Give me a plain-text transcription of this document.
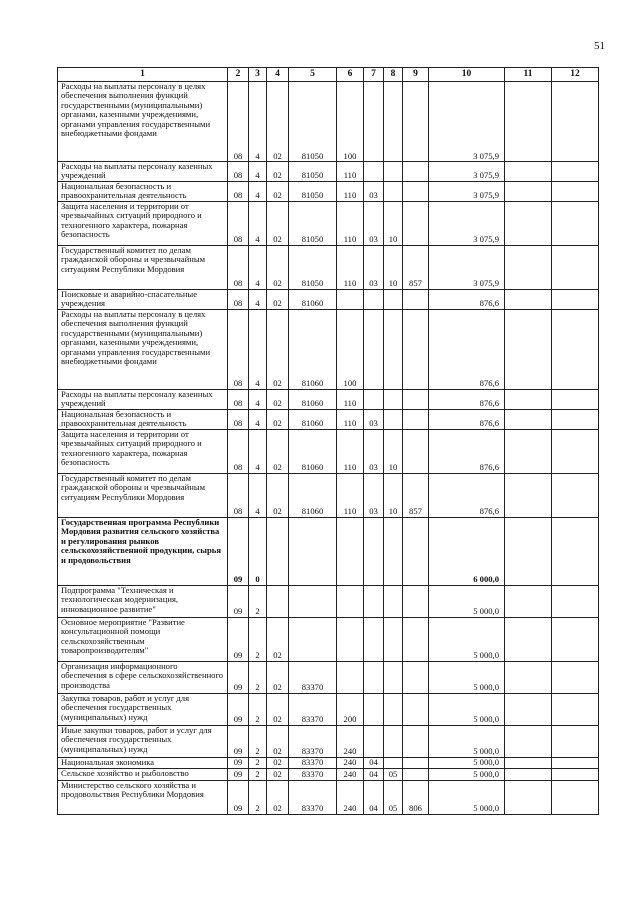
51
1	2	3	4	5	6	7	8	9	10	11	12
Расходы на выплаты персоналу в целях обеспечения выполнения функций государственными (муниципальными) органами, казенными учреждениями, органами управления государственными внебюджетными фондами	08	4	02	81050	100				3 075,9		
Расходы на выплаты персоналу казенных учреждений	08	4	02	81050	110				3 075,9		
Национальная безопасность и правоохранительная деятельность	08	4	02	81050	110	03			3 075,9		
Защита населения и территории от чрезвычайных ситуаций природного и техногенного характера, пожарная безопасность	08	4	02	81050	110	03	10		3 075,9		
Государственный комитет по делам гражданской обороны и чрезвычайным ситуациям Республики Мордовия	08	4	02	81050	110	03	10	857	3 075,9		
Поисковые и аварийно-спасательные учреждения	08	4	02	81060					876,6		
Расходы на выплаты персоналу в целях обеспечения выполнения функций государственными (муниципальными) органами, казенными учреждениями, органами управления государственными внебюджетными фондами	08	4	02	81060	100				876,6		
Расходы на выплаты персоналу казенных учреждений	08	4	02	81060	110				876,6		
Национальная безопасность и правоохранительная деятельность	08	4	02	81060	110	03			876,6		
Защита населения и территории от чрезвычайных ситуаций природного и техногенного характера, пожарная безопасность	08	4	02	81060	110	03	10		876,6		
Государственный комитет по делам гражданской обороны и чрезвычайным ситуациям Республики Мордовия	08	4	02	81060	110	03	10	857	876,6		
Государственная программа Республики Мордовия развития сельского хозяйства и регулирования рынков сельскохозяйственной продукции, сырья и продовольствия	09	0							6 000,0		
Подпрограмма "Техническая и технологическая модернизация, инновационное развитие"	09	2							5 000,0		
Основное мероприятие "Развитие консультационной помощи сельскохозяйственным товаропроизводителям"	09	2	02						5 000,0		
Организация информационного обеспечения в сфере сельскохозяйственного производства	09	2	02	83370					5 000,0		
Закупка товаров, работ и услуг для обеспечения государственных (муниципальных) нужд	09	2	02	83370	200				5 000,0		
Иные закупки товаров, работ и услуг для обеспечения государственных (муниципальных) нужд	09	2	02	83370	240				5 000,0		
Национальная экономика	09	2	02	83370	240	04			5 000,0		
Сельское хозяйство и рыболовство	09	2	02	83370	240	04	05		5 000,0		
Министерство сельского хозяйства и продовольствия Республики Мордовия	09	2	02	83370	240	04	05	806	5 000,0		
